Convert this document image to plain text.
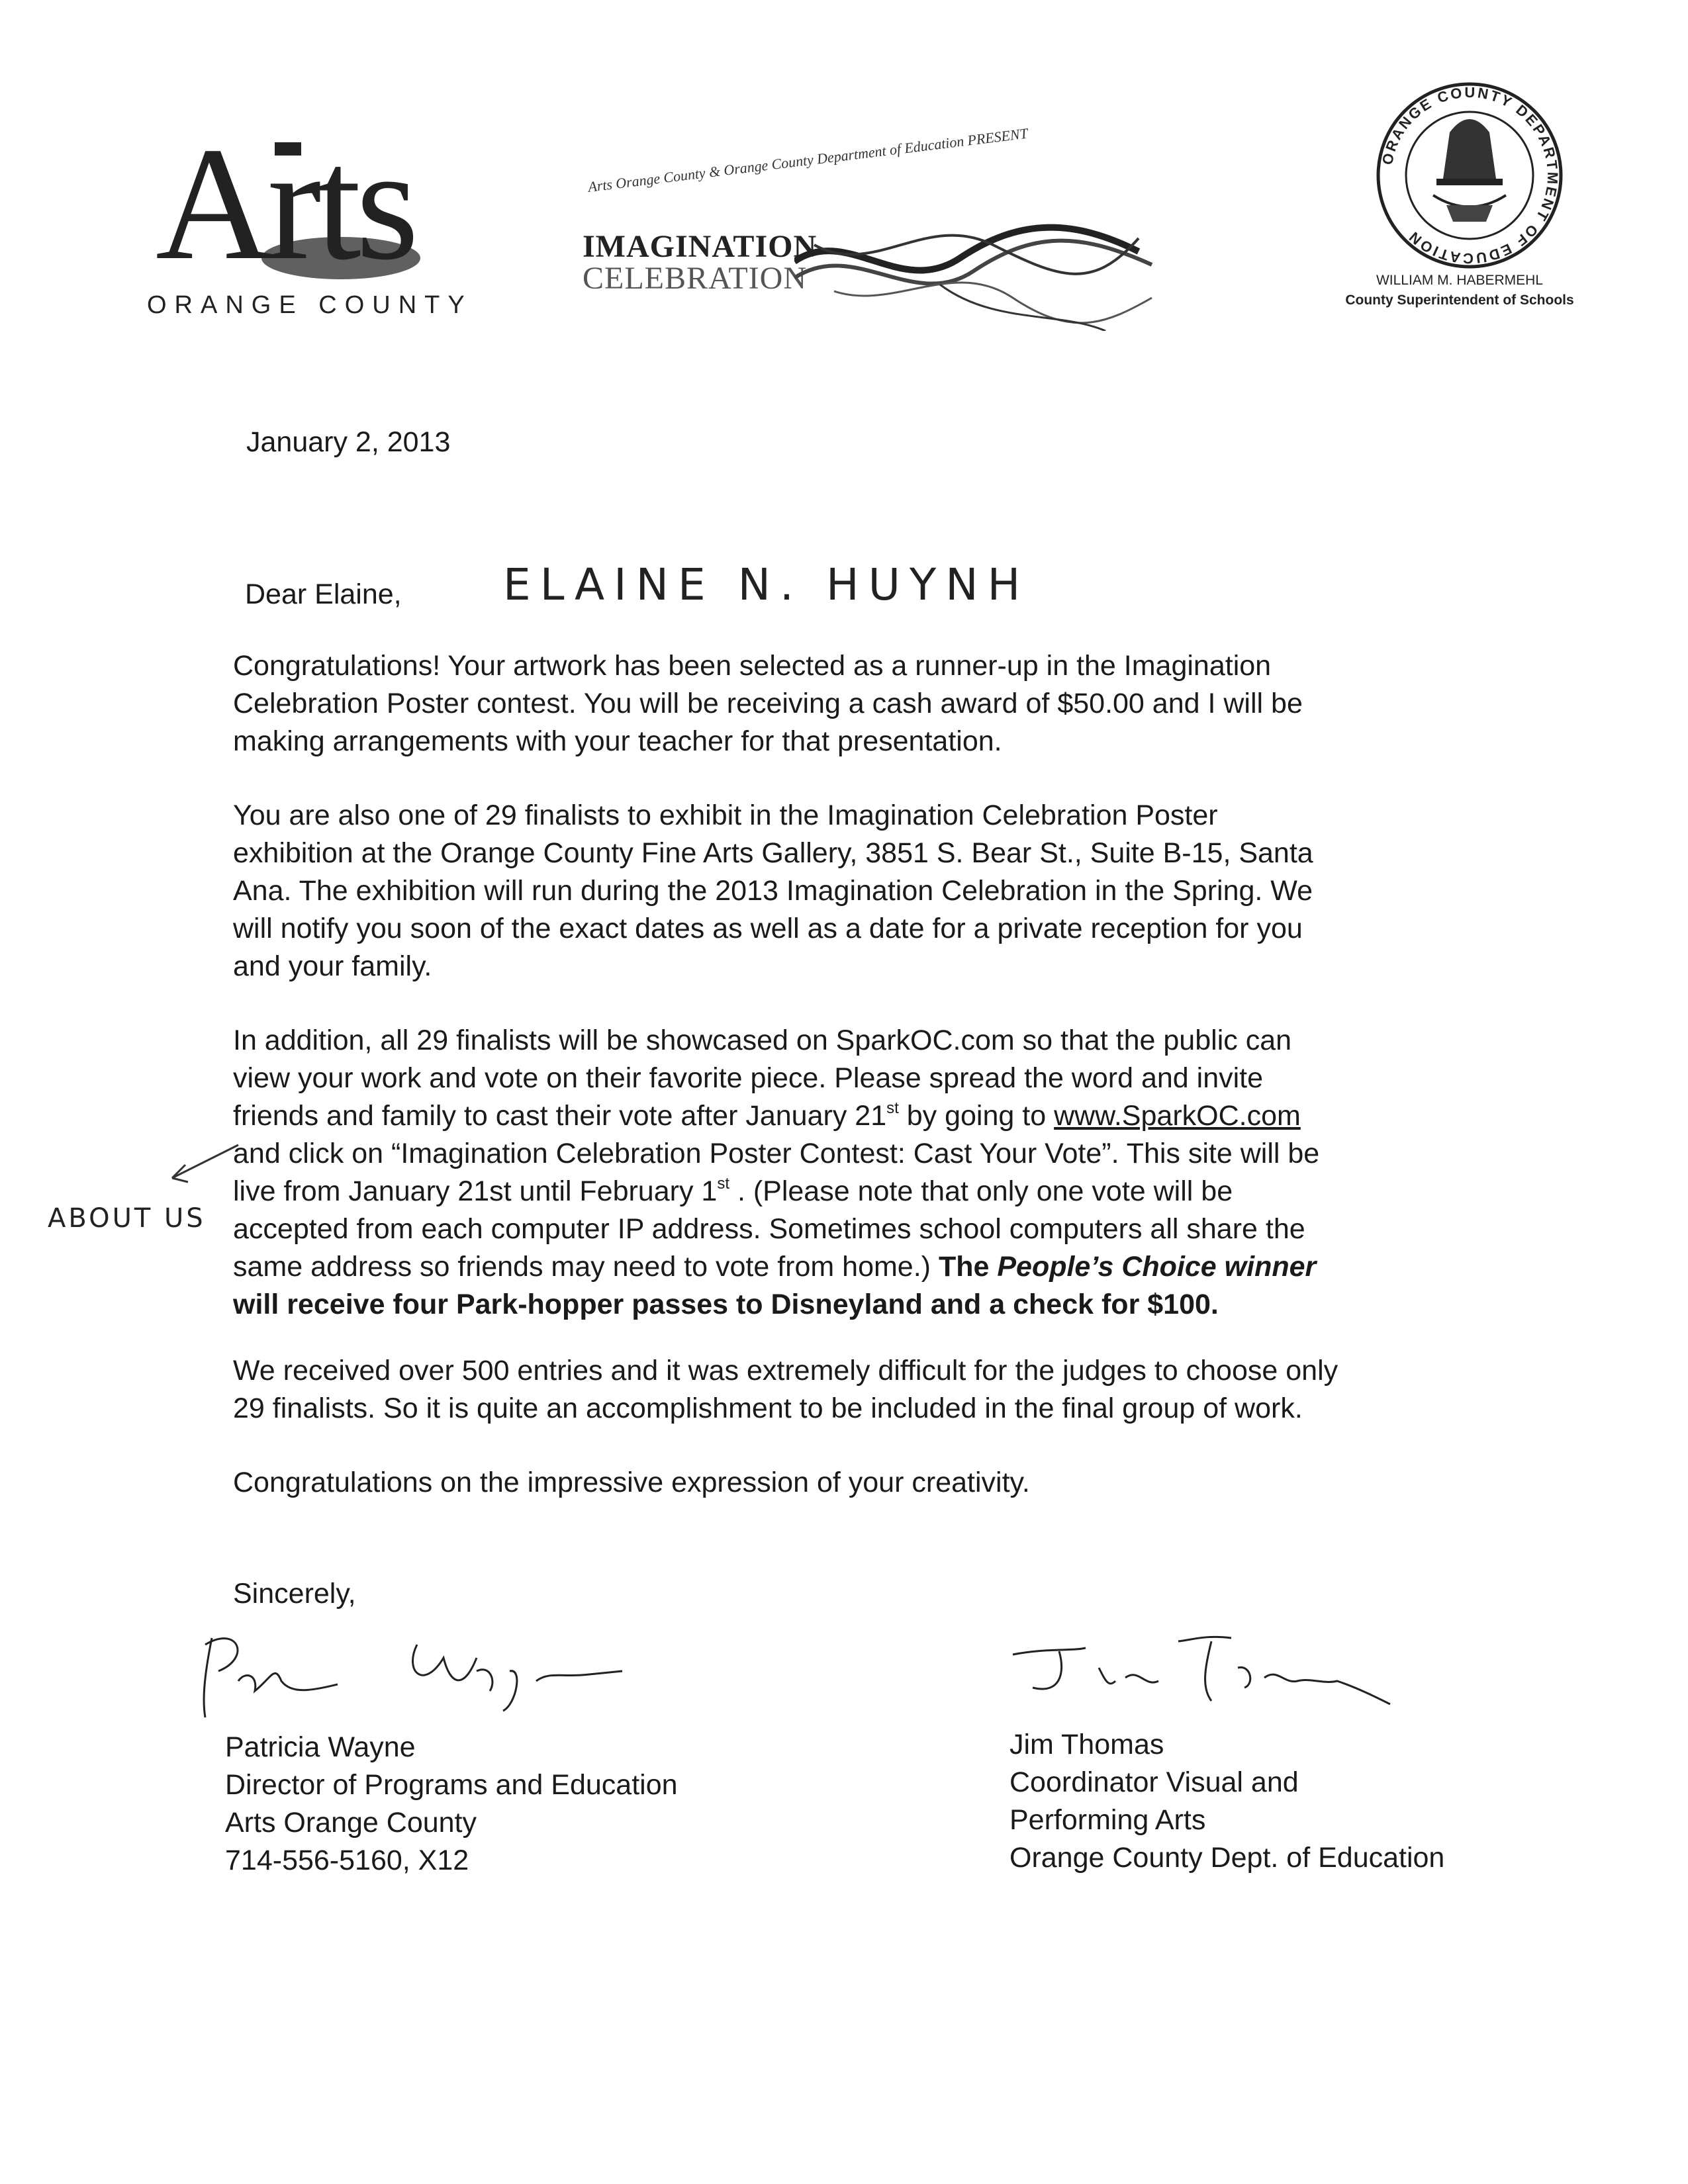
Arts
ORANGE COUNTY
Arts Orange County & Orange County Department of Education PRESENT
IMAGINATION
CELEBRATION
ORANGE COUNTY DEPARTMENT OF EDUCATION
WILLIAM M. HABERMEHL
County Superintendent of Schools
January 2, 2013
Dear Elaine, ELAINE N. HUYNH
Congratulations! Your artwork has been selected as a runner-up in the Imagination
Celebration Poster contest. You will be receiving a cash award of $50.00 and I will be
making arrangements with your teacher for that presentation.
You are also one of 29 finalists to exhibit in the Imagination Celebration Poster
exhibition at the Orange County Fine Arts Gallery, 3851 S. Bear St., Suite B-15, Santa
Ana. The exhibition will run during the 2013 Imagination Celebration in the Spring. We
will notify you soon of the exact dates as well as a date for a private reception for you
and your family.
In addition, all 29 finalists will be showcased on SparkOC.com so that the public can
view your work and vote on their favorite piece. Please spread the word and invite
friends and family to cast their vote after January 21st by going to www.SparkOC.com
and click on “Imagination Celebration Poster Contest: Cast Your Vote”. This site will be
live from January 21st until February 1st . (Please note that only one vote will be
accepted from each computer IP address. Sometimes school computers all share the
same address so friends may need to vote from home.) The People’s Choice winner
will receive four Park-hopper passes to Disneyland and a check for $100.
ABOUT US
We received over 500 entries and it was extremely difficult for the judges to choose only
29 finalists. So it is quite an accomplishment to be included in the final group of work.
Congratulations on the impressive expression of your creativity.
Sincerely,
Patricia Wayne
Director of Programs and Education
Arts Orange County
714-556-5160, X12
Jim Thomas
Coordinator Visual and
Performing Arts
Orange County Dept. of Education
